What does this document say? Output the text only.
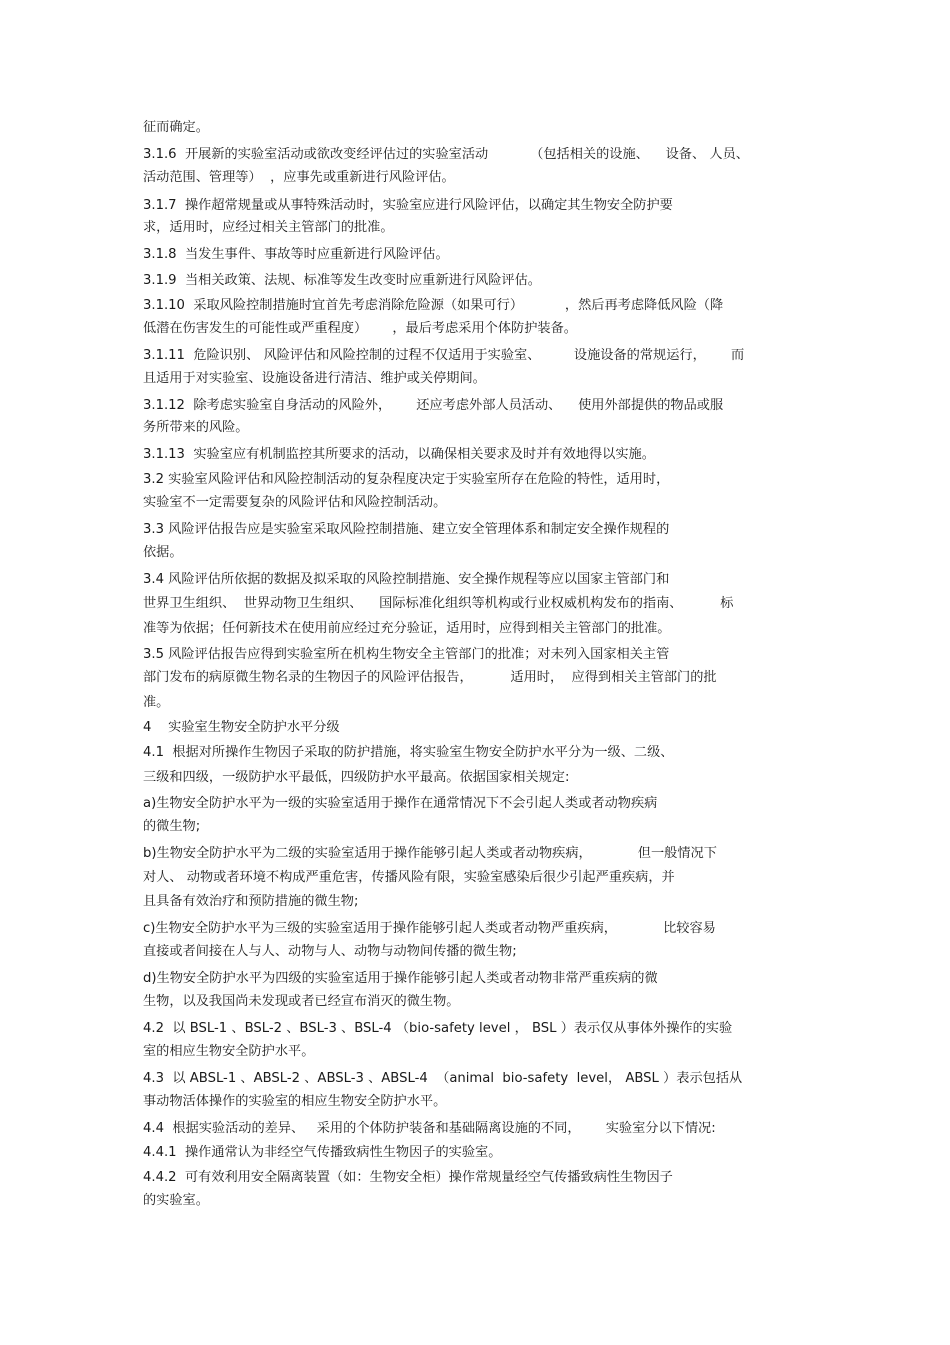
征而确定。
3.1.6  开展新的实验室活动或欲改变经评估过的实验室活动          （包括相关的设施、    设备、 人员、
活动范围、管理等）  ，应事先或重新进行风险评估。
3.1.7  操作超常规量或从事特殊活动时，实验室应进行风险评估，以确定其生物安全防护要
求，适用时，应经过相关主管部门的批准。
3.1.8  当发生事件、事故等时应重新进行风险评估。
3.1.9  当相关政策、法规、标准等发生改变时应重新进行风险评估。
3.1.10  采取风险控制措施时宜首先考虑消除危险源（如果可行）          ，然后再考虑降低风险（降
低潜在伤害发生的可能性或严重程度）      ，最后考虑采用个体防护装备。
3.1.11  危险识别、 风险评估和风险控制的过程不仅适用于实验室、        设施设备的常规运行，      而
且适用于对实验室、设施设备进行清洁、维护或关停期间。
3.1.12  除考虑实验室自身活动的风险外，      还应考虑外部人员活动、    使用外部提供的物品或服
务所带来的风险。
3.1.13  实验室应有机制监控其所要求的活动，以确保相关要求及时并有效地得以实施。
3.2 实验室风险评估和风险控制活动的复杂程度决定于实验室所存在危险的特性，适用时，
实验室不一定需要复杂的风险评估和风险控制活动。
3.3 风险评估报告应是实验室采取风险控制措施、建立安全管理体系和制定安全操作规程的
依据。
3.4 风险评估所依据的数据及拟采取的风险控制措施、安全操作规程等应以国家主管部门和
世界卫生组织、  世界动物卫生组织、    国际标准化组织等机构或行业权威机构发布的指南、         标
准等为依据；任何新技术在使用前应经过充分验证，适用时，应得到相关主管部门的批准。
3.5 风险评估报告应得到实验室所在机构生物安全主管部门的批准；对未列入国家相关主管
部门发布的病原微生物名录的生物因子的风险评估报告，         适用时，  应得到相关主管部门的批
准。
4    实验室生物安全防护水平分级
4.1  根据对所操作生物因子采取的防护措施，将实验室生物安全防护水平分为一级、二级、
三级和四级，一级防护水平最低，四级防护水平最高。依据国家相关规定:
a)生物安全防护水平为一级的实验室适用于操作在通常情况下不会引起人类或者动物疾病
的微生物;
b)生物安全防护水平为二级的实验室适用于操作能够引起人类或者动物疾病，           但一般情况下
对人、 动物或者环境不构成严重危害，传播风险有限，实验室感染后很少引起严重疾病，并
且具备有效治疗和预防措施的微生物;
c)生物安全防护水平为三级的实验室适用于操作能够引起人类或者动物严重疾病，           比较容易
直接或者间接在人与人、动物与人、动物与动物间传播的微生物;
d)生物安全防护水平为四级的实验室适用于操作能够引起人类或者动物非常严重疾病的微
生物，以及我国尚未发现或者已经宣布消灭的微生物。
4.2  以 BSL-1 、BSL-2 、BSL-3 、BSL-4 （bio-safety level ， BSL ）表示仅从事体外操作的实验
室的相应生物安全防护水平。
4.3  以 ABSL-1 、ABSL-2 、ABSL-3 、ABSL-4  （animal  bio-safety  level， ABSL ）表示包括从
事动物活体操作的实验室的相应生物安全防护水平。
4.4  根据实验活动的差异、   采用的个体防护装备和基础隔离设施的不同，      实验室分以下情况:
4.4.1  操作通常认为非经空气传播致病性生物因子的实验室。
4.4.2  可有效利用安全隔离装置（如：生物安全柜）操作常规量经空气传播致病性生物因子
的实验室。
